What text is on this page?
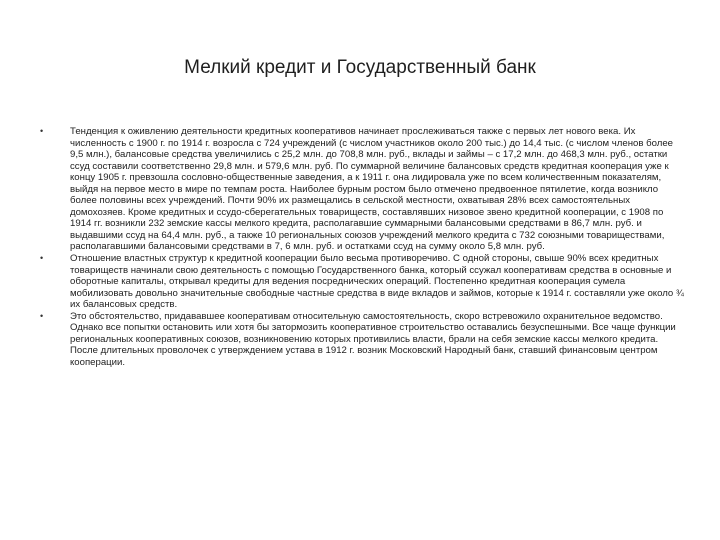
Мелкий кредит и Государственный банк
•	Тенденция к оживлению деятельности кредитных кооперативов начинает прослеживаться также с первых лет нового века. Их численность с 1900 г. по 1914 г. возросла с 724 учреждений (с числом участников около 200 тыс.) до 14,4 тыс. (с числом членов более 9,5 млн.), балансовые средства увеличились с 25,2 млн. до 708,8 млн. руб., вклады и займы – с 17,2 млн. до 468,3 млн. руб., остатки ссуд составили соответственно 29,8 млн. и 579,6 млн. руб. По суммарной величине балансовых средств кредитная кооперация уже к концу 1905 г. превзошла сословно-общественные заведения, а к 1911 г. она лидировала уже по всем количественным показателям, выйдя на первое место в мире по темпам роста. Наиболее бурным ростом было отмечено предвоенное пятилетие, когда возникло более половины всех учреждений. Почти 90% их размещались в сельской местности, охватывая 28% всех самостоятельных домохозяев. Кроме кредитных и ссудо-сберегательных товариществ, составлявших низовое звено кредитной кооперации, с 1908 по 1914 гг. возникли 232 земские кассы мелкого кредита, располагавшие суммарными балансовыми средствами в 86,7 млн. руб. и выдавшими ссуд на 64,4 млн. руб., а также 10 региональных союзов учреждений мелкого кредита с 732 союзными товариществами, располагавшими балансовыми средствами в 7, 6 млн. руб. и остатками ссуд на сумму около 5,8 млн. руб.
•	Отношение властных структур к кредитной кооперации было весьма противоречиво. С одной стороны, свыше 90% всех кредитных товариществ начинали свою деятельность с помощью Государственного банка, который ссужал кооперативам средства в основные и оборотные капиталы, открывал кредиты для ведения посреднических операций. Постепенно кредитная кооперация сумела мобилизовать довольно значительные свободные частные средства в виде вкладов и займов, которые к 1914 г. составляли уже около ¾ их балансовых средств.
•	Это обстоятельство, придававшее кооперативам относительную самостоятельность, скоро встревожило охранительное ведомство. Однако все попытки остановить или хотя бы затормозить кооперативное строительство оставались безуспешными. Все чаще функции региональных кооперативных союзов, возникновению которых противились власти, брали на себя земские кассы мелкого кредита. После длительных проволочек с утверждением устава в 1912 г. возник Московский Народный банк, ставший финансовым центром кооперации.
